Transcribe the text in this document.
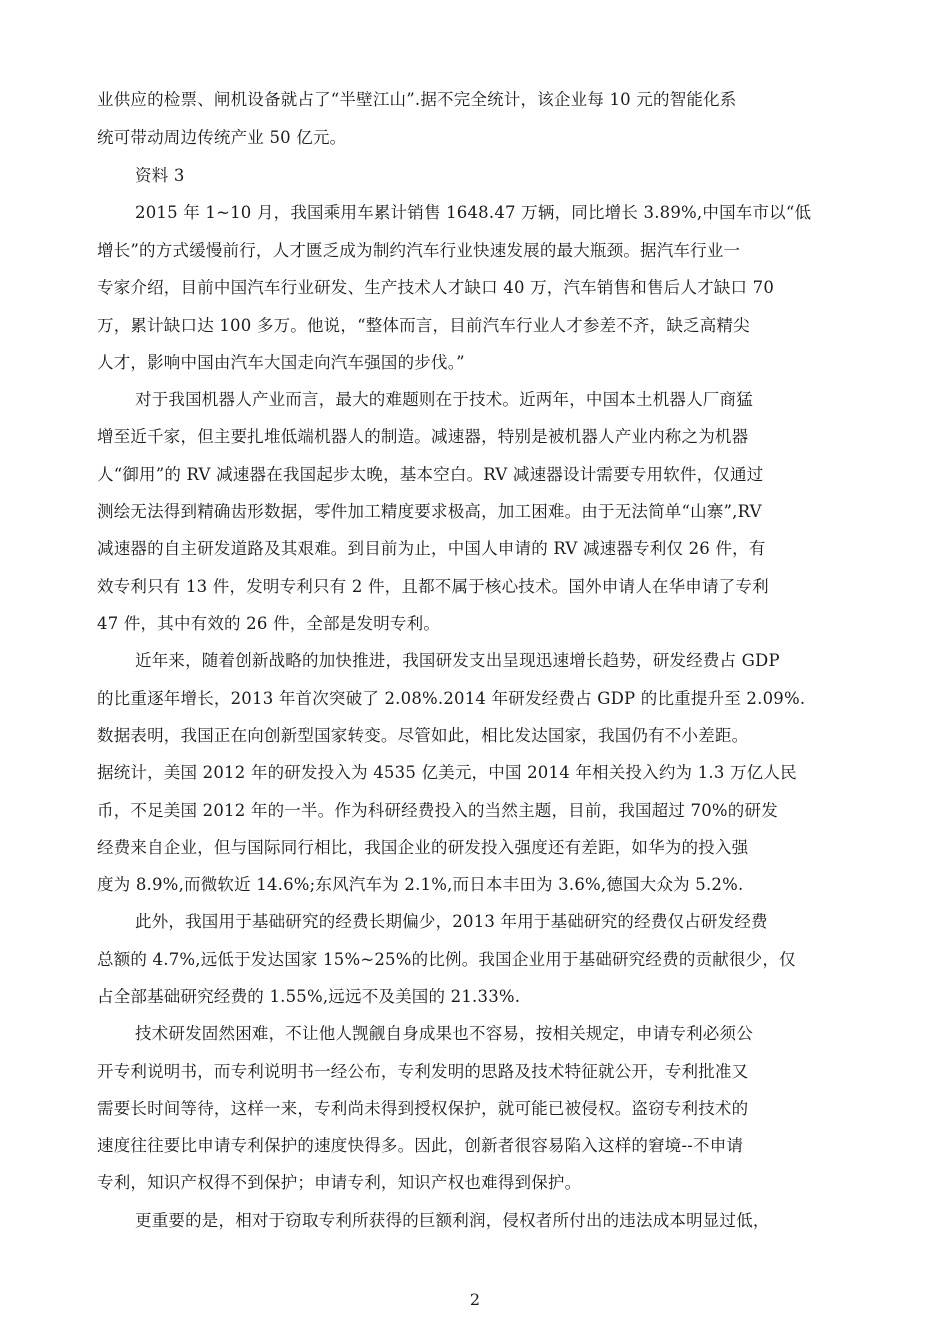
业供应的检票、闸机设备就占了“半壁江山”.据不完全统计，该企业每 10 元的智能化系
统可带动周边传统产业 50 亿元。
资料 3
2015 年 1~10 月，我国乘用车累计销售 1648.47 万辆，同比增长 3.89%,中国车市以“低
增长”的方式缓慢前行，人才匮乏成为制约汽车行业快速发展的最大瓶颈。据汽车行业一
专家介绍，目前中国汽车行业研发、生产技术人才缺口 40 万，汽车销售和售后人才缺口 70
万，累计缺口达 100 多万。他说，“整体而言，目前汽车行业人才参差不齐，缺乏高精尖
人才，影响中国由汽车大国走向汽车强国的步伐。”
对于我国机器人产业而言，最大的难题则在于技术。近两年，中国本土机器人厂商猛
增至近千家，但主要扎堆低端机器人的制造。减速器，特别是被机器人产业内称之为机器
人“御用”的 RV 减速器在我国起步太晚，基本空白。RV 减速器设计需要专用软件，仅通过
测绘无法得到精确齿形数据，零件加工精度要求极高，加工困难。由于无法简单“山寨”,RV
减速器的自主研发道路及其艰难。到目前为止，中国人申请的 RV 减速器专利仅 26 件，有
效专利只有 13 件，发明专利只有 2 件，且都不属于核心技术。国外申请人在华申请了专利
47 件，其中有效的 26 件，全部是发明专利。
近年来，随着创新战略的加快推进，我国研发支出呈现迅速增长趋势，研发经费占 GDP
的比重逐年增长，2013 年首次突破了 2.08%.2014 年研发经费占 GDP 的比重提升至 2.09%.
数据表明，我国正在向创新型国家转变。尽管如此，相比发达国家，我国仍有不小差距。
据统计，美国 2012 年的研发投入为 4535 亿美元，中国 2014 年相关投入约为 1.3 万亿人民
币，不足美国 2012 年的一半。作为科研经费投入的当然主题，目前，我国超过 70%的研发
经费来自企业，但与国际同行相比，我国企业的研发投入强度还有差距，如华为的投入强
度为 8.9%,而微软近 14.6%;东风汽车为 2.1%,而日本丰田为 3.6%,德国大众为 5.2%.
此外，我国用于基础研究的经费长期偏少，2013 年用于基础研究的经费仅占研发经费
总额的 4.7%,远低于发达国家 15%~25%的比例。我国企业用于基础研究经费的贡献很少，仅
占全部基础研究经费的 1.55%,远远不及美国的 21.33%.
技术研发固然困难，不让他人觊觎自身成果也不容易，按相关规定，申请专利必须公
开专利说明书，而专利说明书一经公布，专利发明的思路及技术特征就公开，专利批准又
需要长时间等待，这样一来，专利尚未得到授权保护，就可能已被侵权。盗窃专利技术的
速度往往要比申请专利保护的速度快得多。因此，创新者很容易陷入这样的窘境--不申请
专利，知识产权得不到保护；申请专利，知识产权也难得到保护。
更重要的是，相对于窃取专利所获得的巨额利润，侵权者所付出的违法成本明显过低，
2
